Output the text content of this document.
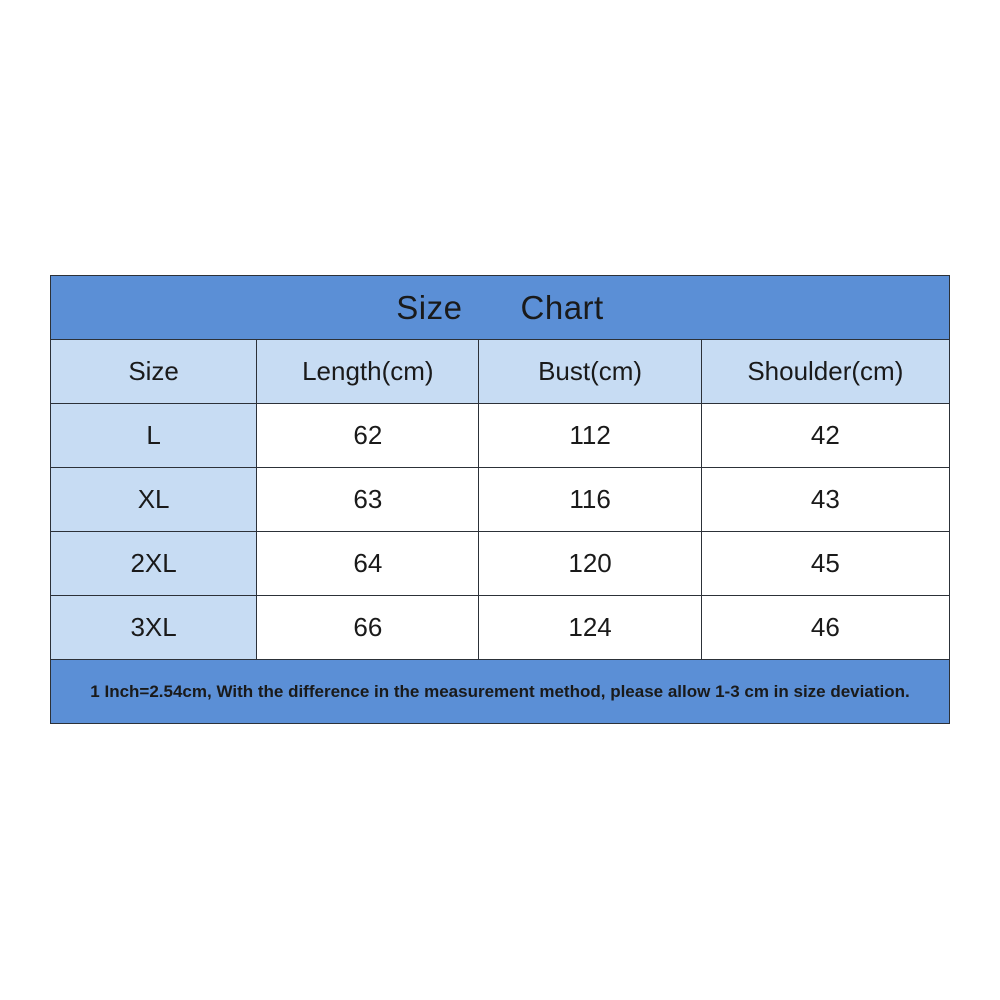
Size      Chart			
Size	Length(cm)	Bust(cm)	Shoulder(cm)
L	62	112	42
XL	63	116	43
2XL	64	120	45
3XL	66	124	46
1 Inch=2.54cm, With the difference in the measurement method, please allow 1-3 cm in size deviation.			
